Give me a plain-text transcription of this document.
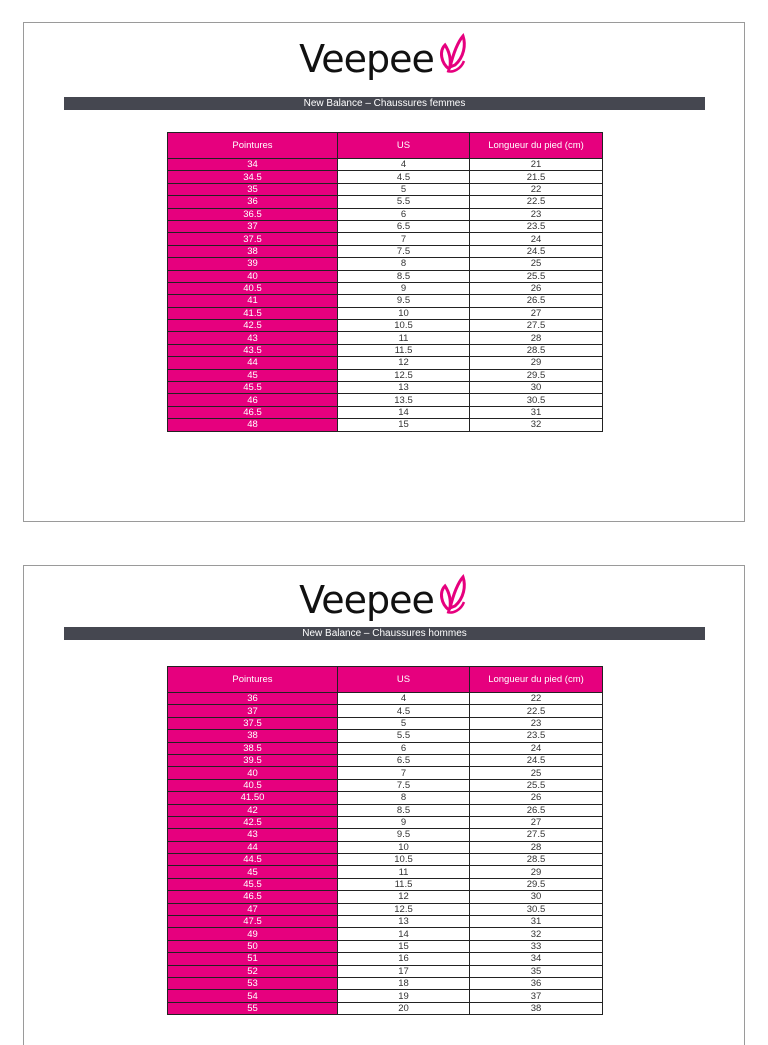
Veepee
New Balance – Chaussures femmes
Pointures	US	Longueur du pied (cm)
34	4	21
34.5	4.5	21.5
35	5	22
36	5.5	22.5
36.5	6	23
37	6.5	23.5
37.5	7	24
38	7.5	24.5
39	8	25
40	8.5	25.5
40.5	9	26
41	9.5	26.5
41.5	10	27
42.5	10.5	27.5
43	11	28
43.5	11.5	28.5
44	12	29
45	12.5	29.5
45.5	13	30
46	13.5	30.5
46.5	14	31
48	15	32
Veepee
New Balance – Chaussures hommes
Pointures	US	Longueur du pied (cm)
36	4	22
37	4.5	22.5
37.5	5	23
38	5.5	23.5
38.5	6	24
39.5	6.5	24.5
40	7	25
40.5	7.5	25.5
41.50	8	26
42	8.5	26.5
42.5	9	27
43	9.5	27.5
44	10	28
44.5	10.5	28.5
45	11	29
45.5	11.5	29.5
46.5	12	30
47	12.5	30.5
47.5	13	31
49	14	32
50	15	33
51	16	34
52	17	35
53	18	36
54	19	37
55	20	38
